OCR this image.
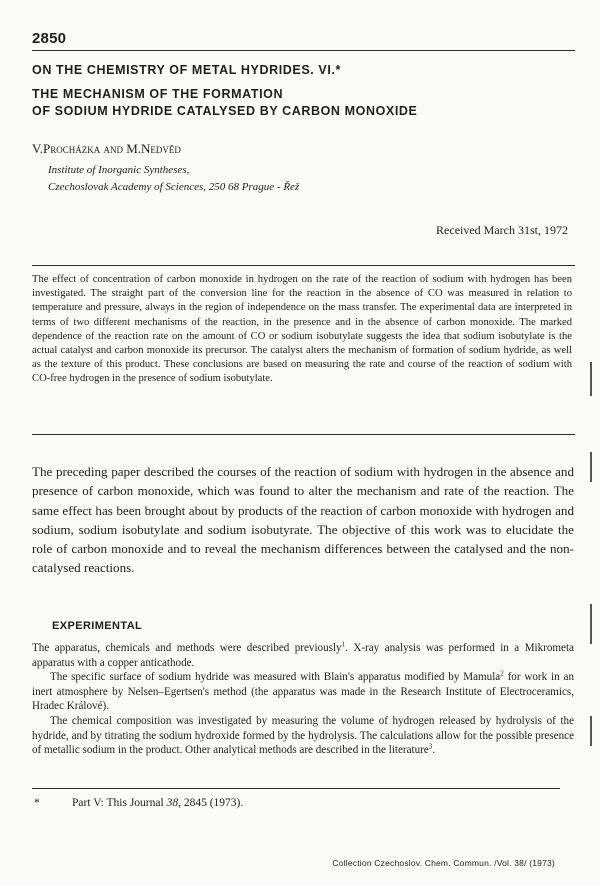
2850
ON THE CHEMISTRY OF METAL HYDRIDES. VI.*
THE MECHANISM OF THE FORMATION
OF SODIUM HYDRIDE CATALYSED BY CARBON MONOXIDE
V.Procházka and M.Nedvěd
Institute of Inorganic Syntheses,
Czechoslovak Academy of Sciences, 250 68 Prague - Řež
Received March 31st, 1972

The effect of concentration of carbon monoxide in hydrogen on the rate of the reaction of sodium with hydrogen has been investigated. The straight part of the conversion line for the reaction in the absence of CO was measured in relation to temperature and pressure, always in the region of independence on the mass transfer. The experimental data are interpreted in terms of two different mechanisms of the reaction, in the presence and in the absence of carbon monoxide. The marked dependence of the reaction rate on the amount of CO or sodium isobutylate suggests the idea that sodium isobutylate is the actual catalyst and carbon monoxide its precursor. The catalyst alters the mechanism of formation of sodium hydride, as well as the texture of this product. These conclusions are based on measuring the rate and course of the reaction of sodium with CO-free hydrogen in the presence of sodium isobutylate.

The preceding paper described the courses of the reaction of sodium with hydrogen in the absence and presence of carbon monoxide, which was found to alter the mechanism and rate of the reaction. The same effect has been brought about by products of the reaction of carbon monoxide with hydrogen and sodium, sodium isobutylate and sodium isobutyrate. The objective of this work was to elucidate the role of carbon monoxide and to reveal the mechanism differences between the catalysed and the non-catalysed reactions.

EXPERIMENTAL

The apparatus, chemicals and methods were described previously$^1$. X-ray analysis was performed in a Mikrometa apparatus with a copper anticathode.

The specific surface of sodium hydride was measured with Blain's apparatus modified by Mamula$^2$ for work in an inert atmosphere by Nelsen–Egertsen's method (the apparatus was made in the Research Institute of Electroceramics, Hradec Králové).

The chemical composition was investigated by measuring the volume of hydrogen released by hydrolysis of the hydride, and by titrating the sodium hydroxide formed by the hydrolysis. The calculations allow for the possible presence of metallic sodium in the product. Other analytical methods are described in the literature$^3$.

*	Part V: This Journal 38, 2845 (1973).
Collection Czechoslov. Chem. Commun. /Vol. 38/ (1973)
